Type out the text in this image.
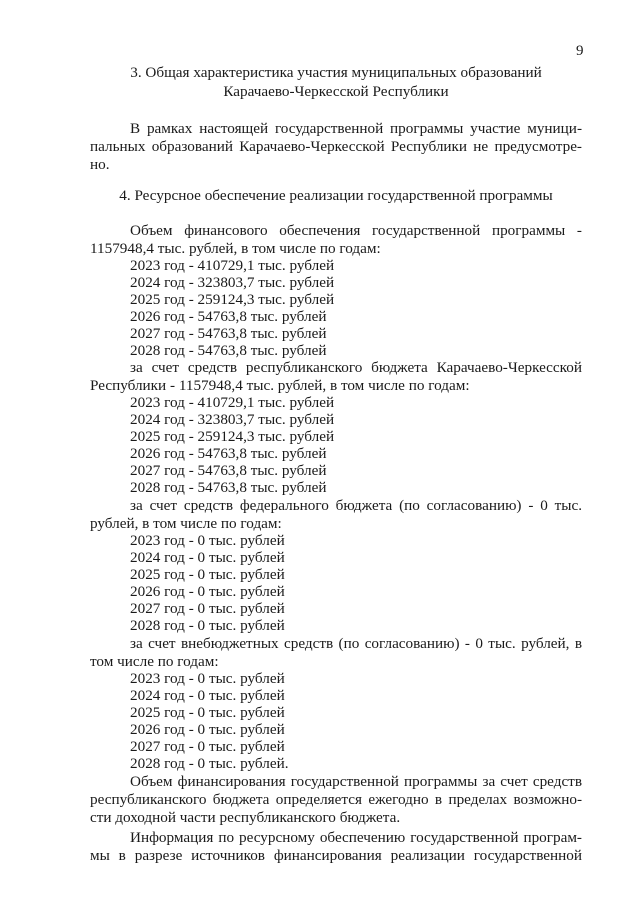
9
3. Общая характеристика участия муниципальных образований
Карачаево-Черкесской Республики
В рамках настоящей государственной программы участие муници-
пальных образований Карачаево-Черкесской Республики не предусмотре-
но.
4. Ресурсное обеспечение реализации государственной программы
Объем финансового обеспечения государственной программы -
1157948,4 тыс. рублей, в том числе по годам:
2023 год - 410729,1 тыс. рублей
2024 год - 323803,7 тыс. рублей
2025 год - 259124,3 тыс. рублей
2026 год - 54763,8 тыс. рублей
2027 год - 54763,8 тыс. рублей
2028 год - 54763,8 тыс. рублей
за счет средств республиканского бюджета Карачаево-Черкесской
Республики - 1157948,4 тыс. рублей, в том числе по годам:
2023 год - 410729,1 тыс. рублей
2024 год - 323803,7 тыс. рублей
2025 год - 259124,3 тыс. рублей
2026 год - 54763,8 тыс. рублей
2027 год - 54763,8 тыс. рублей
2028 год - 54763,8 тыс. рублей
за счет средств федерального бюджета (по согласованию) - 0 тыс.
рублей, в том числе по годам:
2023 год - 0 тыс. рублей
2024 год - 0 тыс. рублей
2025 год - 0 тыс. рублей
2026 год - 0 тыс. рублей
2027 год - 0 тыс. рублей
2028 год - 0 тыс. рублей
за счет внебюджетных средств (по согласованию) - 0 тыс. рублей, в
том числе по годам:
2023 год - 0 тыс. рублей
2024 год - 0 тыс. рублей
2025 год - 0 тыс. рублей
2026 год - 0 тыс. рублей
2027 год - 0 тыс. рублей
2028 год - 0 тыс. рублей.
Объем финансирования государственной программы за счет средств
республиканского бюджета определяется ежегодно в пределах возможно-
сти доходной части республиканского бюджета.
Информация по ресурсному обеспечению государственной програм-
мы в разрезе источников финансирования реализации государственной
